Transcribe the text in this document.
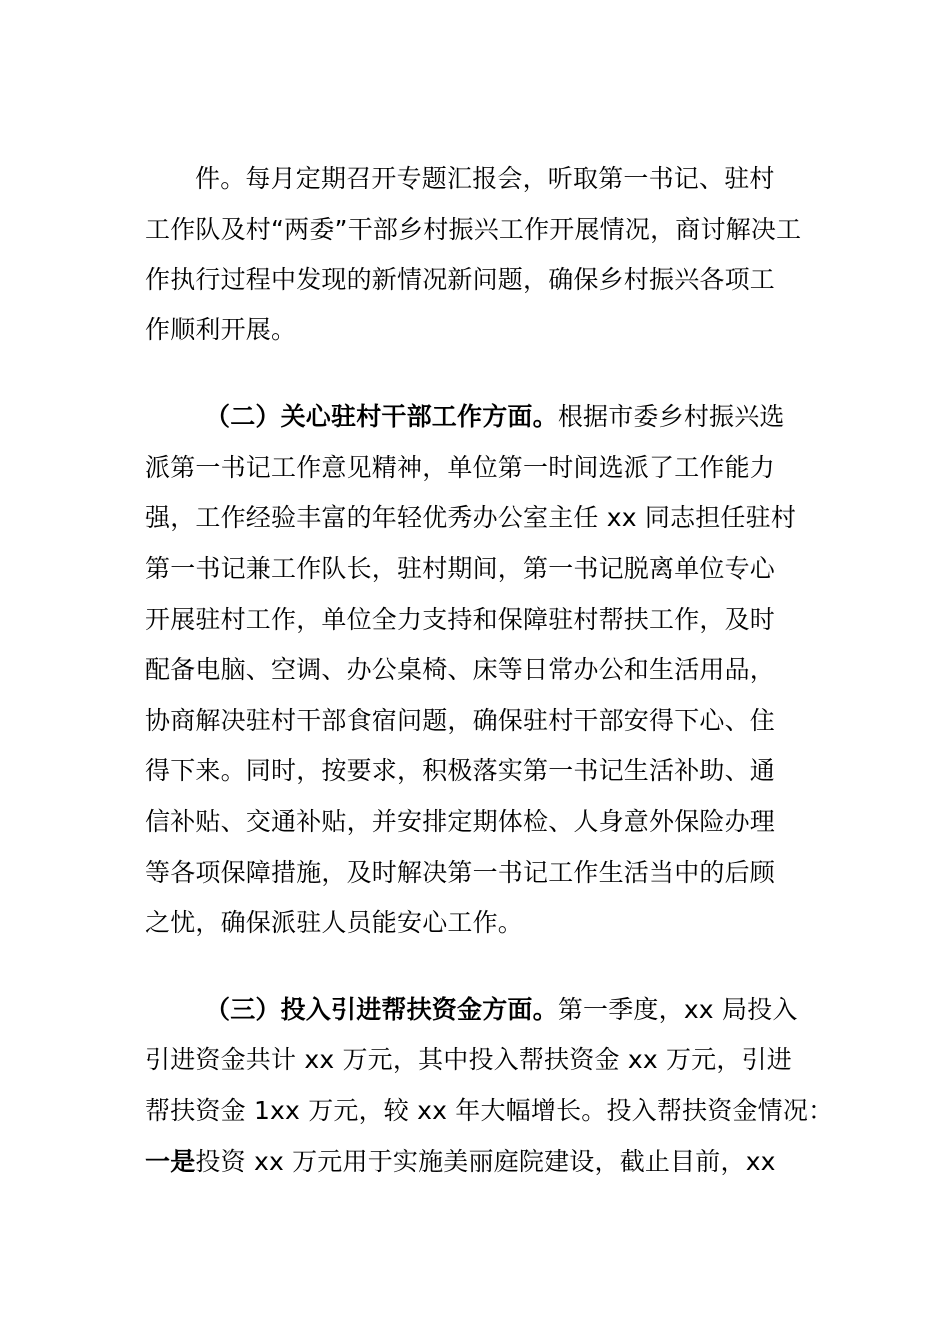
件。每月定期召开专题汇报会，听取第一书记、驻村
工作队及村“两委”干部乡村振兴工作开展情况，商讨解决工
作执行过程中发现的新情况新问题，确保乡村振兴各项工
作顺利开展。
（二）关心驻村干部工作方面。根据市委乡村振兴选
派第一书记工作意见精神，单位第一时间选派了工作能力
强，工作经验丰富的年轻优秀办公室主任 xx 同志担任驻村
第一书记兼工作队长，驻村期间，第一书记脱离单位专心
开展驻村工作，单位全力支持和保障驻村帮扶工作，及时
配备电脑、空调、办公桌椅、床等日常办公和生活用品，
协商解决驻村干部食宿问题，确保驻村干部安得下心、住
得下来。同时，按要求，积极落实第一书记生活补助、通
信补贴、交通补贴，并安排定期体检、人身意外保险办理
等各项保障措施，及时解决第一书记工作生活当中的后顾
之忧，确保派驻人员能安心工作。
（三）投入引进帮扶资金方面。第一季度，xx 局投入
引进资金共计 xx 万元，其中投入帮扶资金 xx 万元，引进
帮扶资金 1xx 万元，较 xx 年大幅增长。投入帮扶资金情况：
一是投资 xx 万元用于实施美丽庭院建设，截止目前，xx
